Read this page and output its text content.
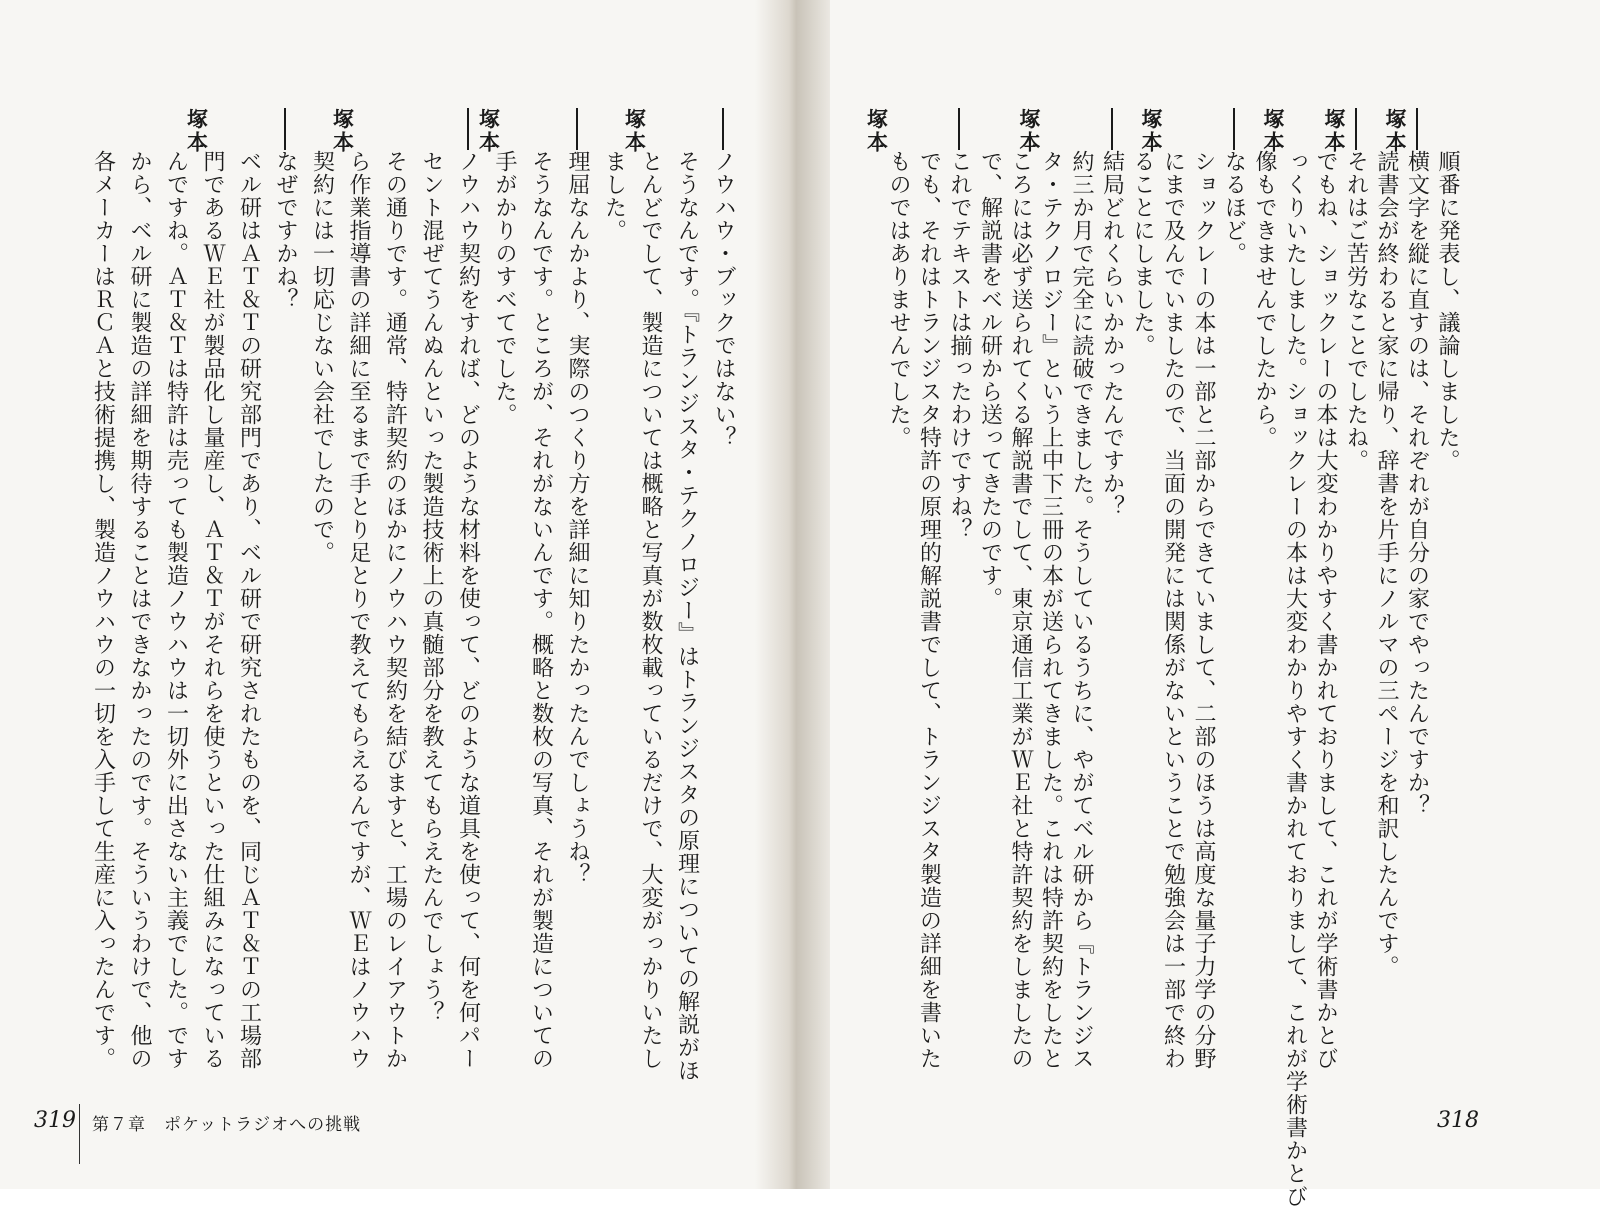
塚本
順番に発表し、議論しました。
横文字を縦に直すのは、それぞれが自分の家でやったんですか？
塚本
読書会が終わると家に帰り、辞書を片手にノルマの三ページを和訳したんです。
それはご苦労なことでしたね。
塚本
でもね、ショックレーの本は大変わかりやすく書かれておりまして、これが学術書かとび
っくりいたしました。ショックレーの本は大変わかりやすく書かれておりまして、これが学術書かとび
像もできませんでしたから。
なるほど。
塚本
ショックレーの本は一部と二部からできていまして、二部のほうは高度な量子力学の分野
にまで及んでいましたので、当面の開発には関係がないということで勉強会は一部で終わ
ることにしました。
結局どれくらいかかったんですか？
塚本
約三か月で完全に読破できました。そうしているうちに、やがてベル研から『トランジス
タ・テクノロジー』という上中下三冊の本が送られてきました。これは特許契約をしたと
ころには必ず送られてくる解説書でして、東京通信工業がＷＥ社と特許契約をしましたの
で、解説書をベル研から送ってきたのです。
これでテキストは揃ったわけですね？
塚本
でも、それはトランジスタ特許の原理的解説書でして、トランジスタ製造の詳細を書いた
ものではありませんでした。
ノウハウ・ブックではない？
塚本
そうなんです。『トランジスタ・テクノロジー』はトランジスタの原理についての解説がほ
とんどでして、製造については概略と写真が数枚載っているだけで、大変がっかりいたし
ました。
理屈なんかより、実際のつくり方を詳細に知りたかったんでしょうね？
塚本
そうなんです。ところが、それがないんです。概略と数枚の写真、それが製造についての
手がかりのすべてでした。
ノウハウ契約をすれば、どのような材料を使って、どのような道具を使って、何を何パー
セント混ぜてうんぬんといった製造技術上の真髄部分を教えてもらえたんでしょう？
塚本
その通りです。通常、特許契約のほかにノウハウ契約を結びますと、工場のレイアウトか
ら作業指導書の詳細に至るまで手とり足とりで教えてもらえるんですが、ＷＥはノウハウ
契約には一切応じない会社でしたので。
なぜですかね？
塚本
ベル研はＡＴ＆Ｔの研究部門であり、ベル研で研究されたものを、同じＡＴ＆Ｔの工場部
門であるＷＥ社が製品化し量産し、ＡＴ＆Ｔがそれらを使うといった仕組みになっている
んですね。ＡＴ＆Ｔは特許は売っても製造ノウハウは一切外に出さない主義でした。です
から、ベル研に製造の詳細を期待することはできなかったのです。そういうわけで、他の
各メーカーはＲＣＡと技術提携し、製造ノウハウの一切を入手して生産に入ったんです。
318
319 第７章　ポケットラジオへの挑戦
